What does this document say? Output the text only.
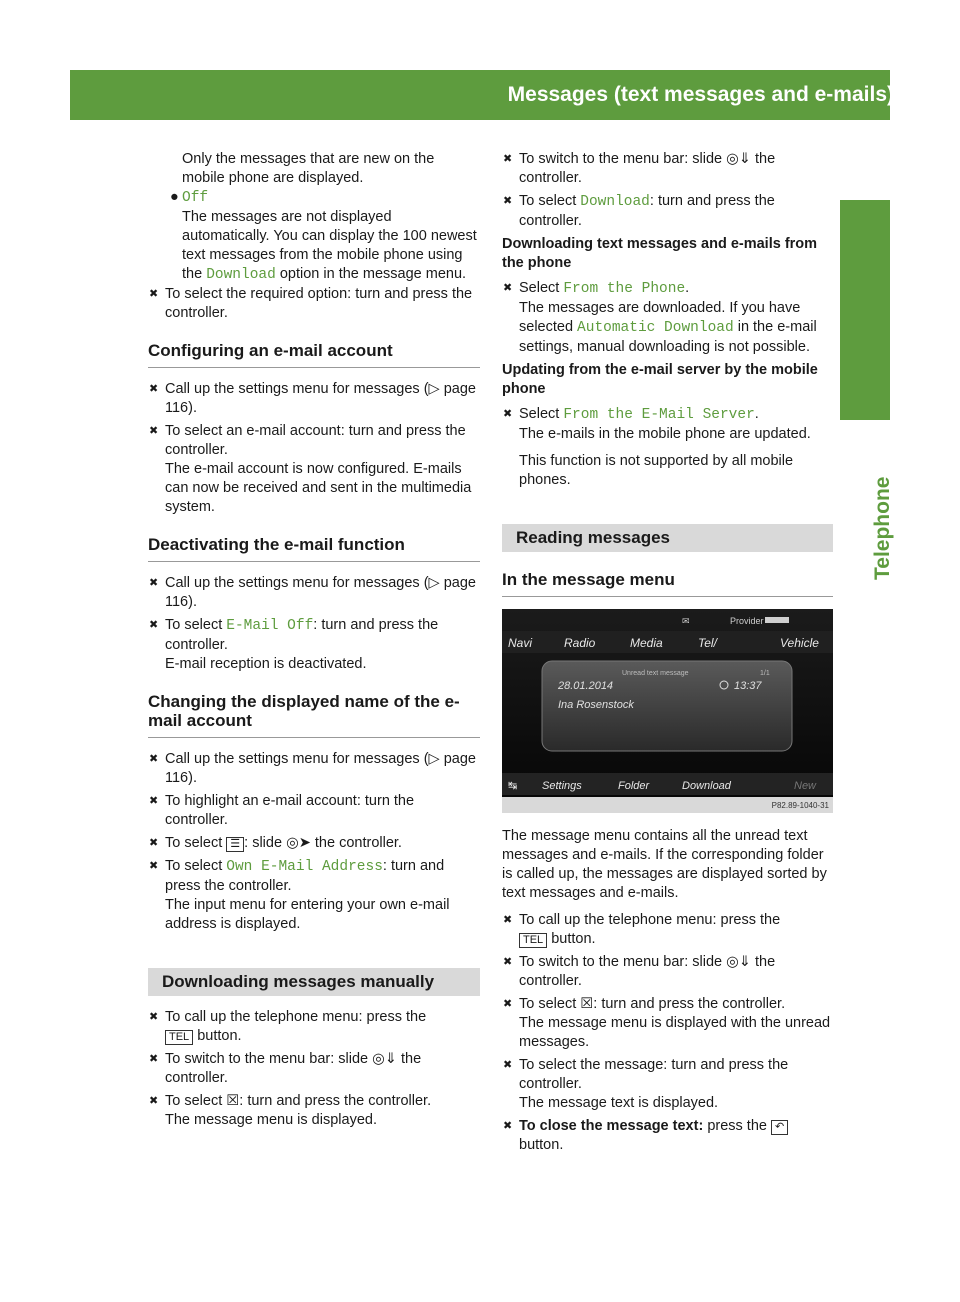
Messages (text messages and e-mails) 117
Telephone

Only the messages that are new on the mobile phone are displayed.

● Off

The messages are not displayed automatically. You can display the 100 newest text messages from the mobile phone using the Download option in the message menu.

✖ To select the required option: turn and press the controller.
Configuring an e-mail account
✖ Call up the settings menu for messages (▷ page 116).
✖ To select an e-mail account: turn and press the controller.
The e-mail account is now configured. E-mails can now be received and sent in the multimedia system.
Deactivating the e-mail function
✖ Call up the settings menu for messages (▷ page 116).
✖ To select E-Mail Off: turn and press the controller.
E-mail reception is deactivated.
Changing the displayed name of the e-mail account
✖ Call up the settings menu for messages (▷ page 116).
✖ To highlight an e-mail account: turn the controller.
✖ To select ☰ : slide ◎➤ the controller.
✖ To select Own E-Mail Address: turn and press the controller.
The input menu for entering your own e-mail address is displayed.
Downloading messages manually
✖ To call up the telephone menu: press the
TEL button.
✖ To switch to the menu bar: slide ◎⇓ the controller.
✖ To select ☒: turn and press the controller.
The message menu is displayed.
✖ To switch to the menu bar: slide ◎⇓ the controller.
✖ To select Download: turn and press the controller.
Downloading text messages and e-mails from the phone
✖ Select From the Phone.
The messages are downloaded. If you have selected Automatic Download in the e-mail settings, manual downloading is not possible.
Updating from the e-mail server by the mobile phone
✖ Select From the E-Mail Server.
The e-mails in the mobile phone are updated.
This function is not supported by all mobile phones.
Reading messages
In the message menu
Provider
✉
Navi	Radio	Media	Tel/	Vehicle
Unread text message	1/1
28.01.2014	13:37
Ina Rosenstock
↹ Settings	Folder	Download	New
P82.89-1040-31

The message menu contains all the unread text messages and e-mails. If the corresponding folder is called up, the messages are displayed sorted by text messages and e-mails.

✖ To call up the telephone menu: press the
TEL button.
✖ To switch to the menu bar: slide ◎⇓ the controller.
✖ To select ☒: turn and press the controller.
The message menu is displayed with the unread messages.
✖ To select the message: turn and press the controller.
The message text is displayed.
✖ To close the message text: press the ↶
button.
